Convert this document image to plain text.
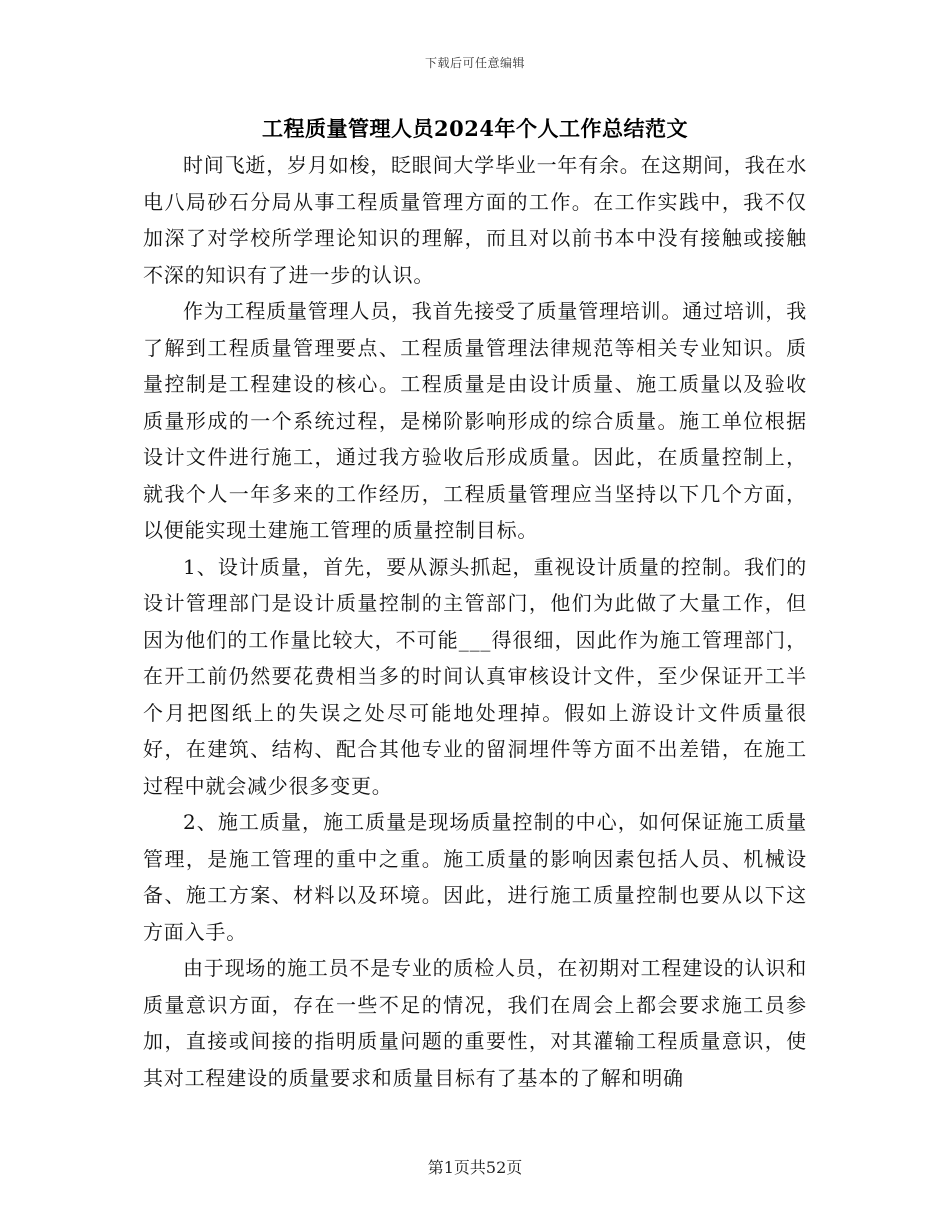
下载后可任意编辑
工程质量管理人员2024年个人工作总结范文

时间飞逝，岁月如梭，眨眼间大学毕业一年有余。在这期间，我在水电八局砂石分局从事工程质量管理方面的工作。在工作实践中，我不仅加深了对学校所学理论知识的理解，而且对以前书本中没有接触或接触不深的知识有了进一步的认识。

作为工程质量管理人员，我首先接受了质量管理培训。通过培训，我了解到工程质量管理要点、工程质量管理法律规范等相关专业知识。质量控制是工程建设的核心。工程质量是由设计质量、施工质量以及验收质量形成的一个系统过程，是梯阶影响形成的综合质量。施工单位根据设计文件进行施工，通过我方验收后形成质量。因此，在质量控制上，就我个人一年多来的工作经历，工程质量管理应当坚持以下几个方面，以便能实现土建施工管理的质量控制目标。

1、设计质量，首先，要从源头抓起，重视设计质量的控制。我们的设计管理部门是设计质量控制的主管部门，他们为此做了大量工作，但因为他们的工作量比较大，不可能___得很细，因此作为施工管理部门，在开工前仍然要花费相当多的时间认真审核设计文件，至少保证开工半个月把图纸上的失误之处尽可能地处理掉。假如上游设计文件质量很好，在建筑、结构、配合其他专业的留洞埋件等方面不出差错，在施工过程中就会减少很多变更。

2、施工质量，施工质量是现场质量控制的中心，如何保证施工质量管理，是施工管理的重中之重。施工质量的影响因素包括人员、机械设备、施工方案、材料以及环境。因此，进行施工质量控制也要从以下这方面入手。

由于现场的施工员不是专业的质检人员，在初期对工程建设的认识和质量意识方面，存在一些不足的情况，我们在周会上都会要求施工员参加，直接或间接的指明质量问题的重要性，对其灌输工程质量意识，使其对工程建设的质量要求和质量目标有了基本的了解和明确

第1页共52页
